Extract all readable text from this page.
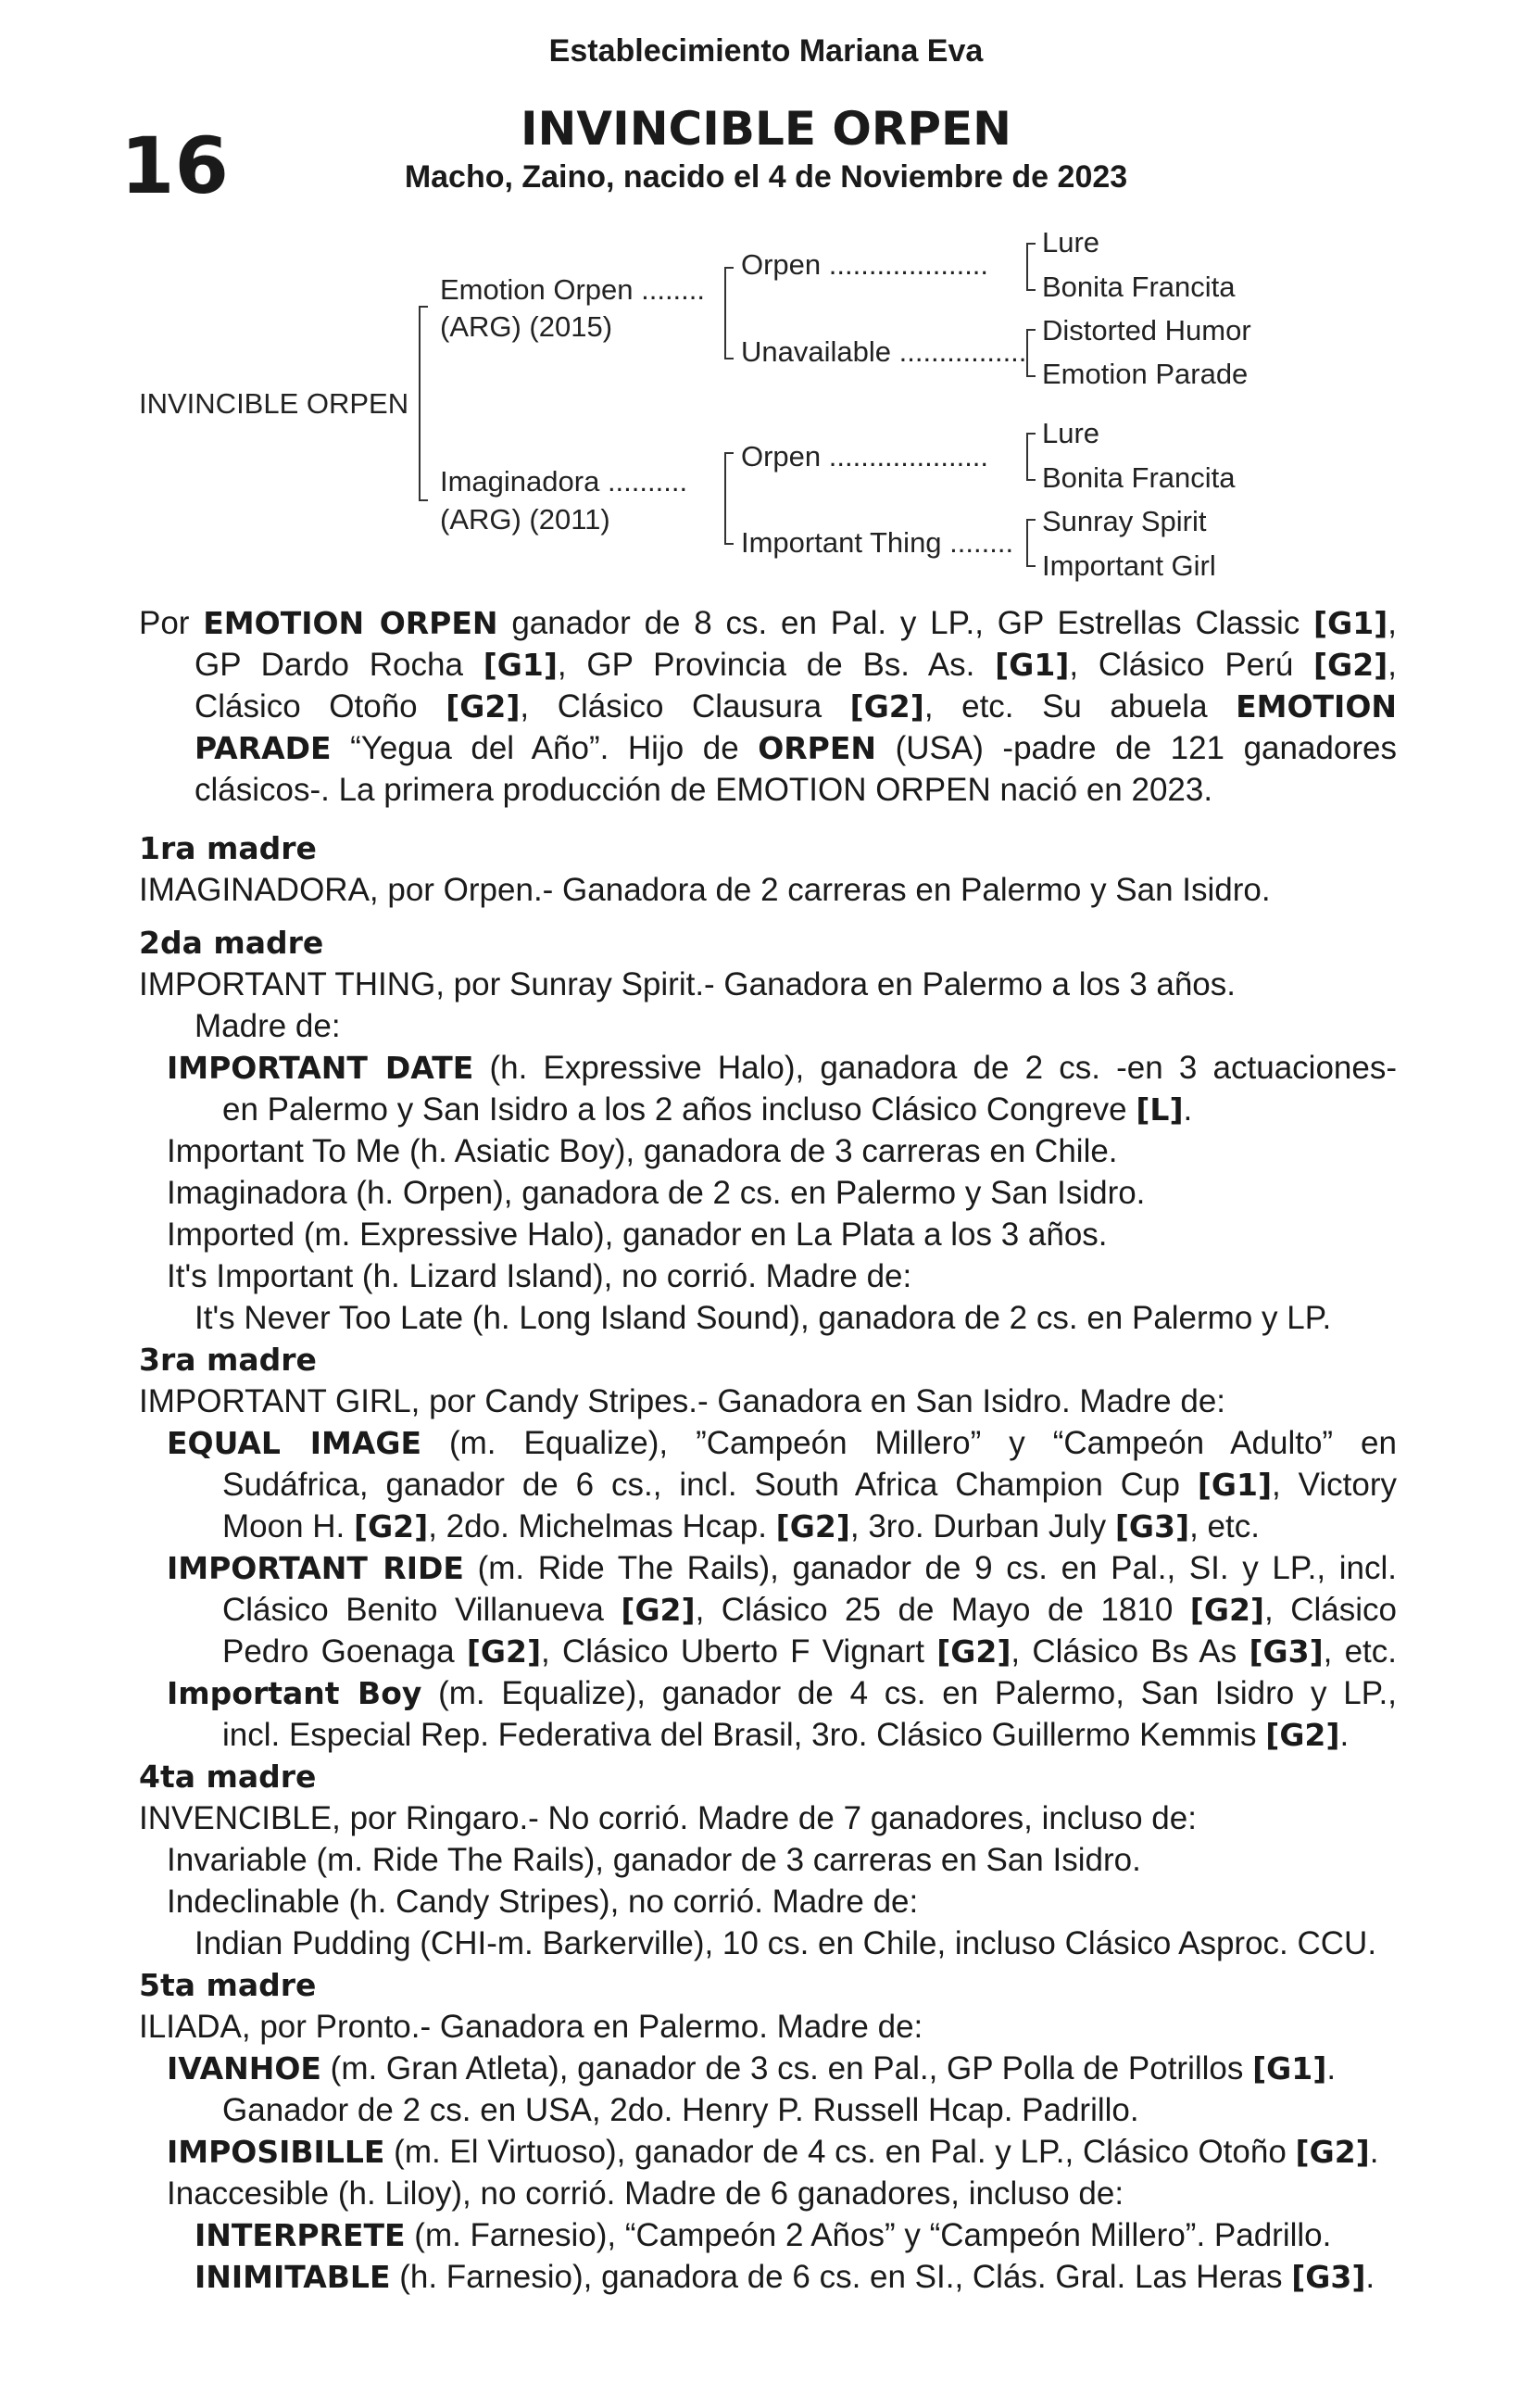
Establecimiento Mariana Eva
16	INVINCIBLE ORPEN
Macho, Zaino, nacido el 4 de Noviembre de 2023
INVINCIBLE ORPEN
Emotion Orpen ........
(ARG) (2015)
Imaginadora ..........
(ARG) (2011)
Orpen ....................
Unavailable ................
Orpen ....................
Important Thing ........
Lure
Bonita Francita
Distorted Humor
Emotion Parade
Lure
Bonita Francita
Sunray Spirit
Important Girl
Por EMOTION ORPEN ganador de 8 cs. en Pal. y LP., GP Estrellas Classic [G1],
GP Dardo Rocha [G1], GP Provincia de Bs. As. [G1], Clásico Perú [G2],
Clásico Otoño [G2], Clásico Clausura [G2], etc. Su abuela EMOTION
PARADE “Yegua del Año”. Hijo de ORPEN (USA) -padre de 121 ganadores
clásicos-. La primera producción de EMOTION ORPEN nació en 2023.
1ra madre
IMAGINADORA, por Orpen.- Ganadora de 2 carreras en Palermo y San Isidro.
2da madre
IMPORTANT THING, por Sunray Spirit.- Ganadora en Palermo a los 3 años.
Madre de:
IMPORTANT DATE (h. Expressive Halo), ganadora de 2 cs. -en 3 actuaciones-
en Palermo y San Isidro a los 2 años incluso Clásico Congreve [L].
Important To Me (h. Asiatic Boy), ganadora de 3 carreras en Chile.
Imaginadora (h. Orpen), ganadora de 2 cs. en Palermo y San Isidro.
Imported (m. Expressive Halo), ganador en La Plata a los 3 años.
It's Important (h. Lizard Island), no corrió. Madre de:
It's Never Too Late (h. Long Island Sound), ganadora de 2 cs. en Palermo y LP.
3ra madre
IMPORTANT GIRL, por Candy Stripes.- Ganadora en San Isidro. Madre de:
EQUAL IMAGE (m. Equalize), ”Campeón Millero” y “Campeón Adulto” en
Sudáfrica, ganador de 6 cs., incl. South Africa Champion Cup [G1], Victory
Moon H. [G2], 2do. Michelmas Hcap. [G2], 3ro. Durban July [G3], etc.
IMPORTANT RIDE (m. Ride The Rails), ganador de 9 cs. en Pal., SI. y LP., incl.
Clásico Benito Villanueva [G2], Clásico 25 de Mayo de 1810 [G2], Clásico
Pedro Goenaga [G2], Clásico Uberto F Vignart [G2], Clásico Bs As [G3], etc.
Important Boy (m. Equalize), ganador de 4 cs. en Palermo, San Isidro y LP.,
incl. Especial Rep. Federativa del Brasil, 3ro. Clásico Guillermo Kemmis [G2].
4ta madre
INVENCIBLE, por Ringaro.- No corrió. Madre de 7 ganadores, incluso de:
Invariable (m. Ride The Rails), ganador de 3 carreras en San Isidro.
Indeclinable (h. Candy Stripes), no corrió. Madre de:
Indian Pudding (CHI-m. Barkerville), 10 cs. en Chile, incluso Clásico Asproc. CCU.
5ta madre
ILIADA, por Pronto.- Ganadora en Palermo. Madre de:
IVANHOE (m. Gran Atleta), ganador de 3 cs. en Pal., GP Polla de Potrillos [G1].
Ganador de 2 cs. en USA, 2do. Henry P. Russell Hcap. Padrillo.
IMPOSIBILLE (m. El Virtuoso), ganador de 4 cs. en Pal. y LP., Clásico Otoño [G2].
Inaccesible (h. Liloy), no corrió. Madre de 6 ganadores, incluso de:
INTERPRETE (m. Farnesio), “Campeón 2 Años” y “Campeón Millero”. Padrillo.
INIMITABLE (h. Farnesio), ganadora de 6 cs. en SI., Clás. Gral. Las Heras [G3].
